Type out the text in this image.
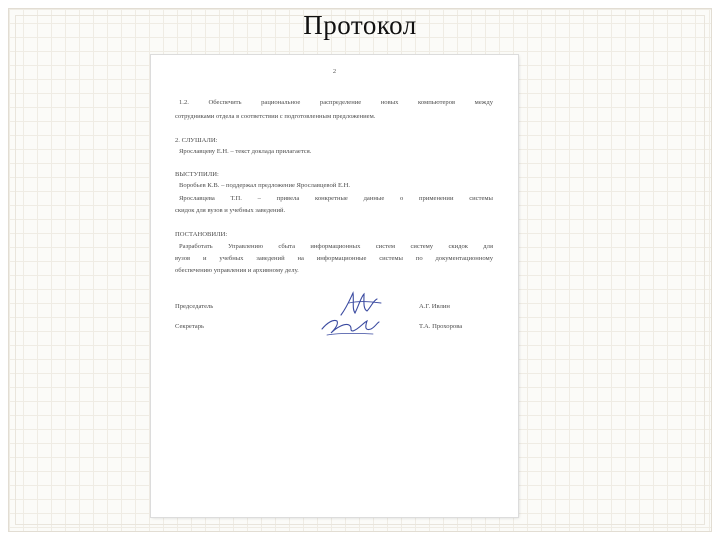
Протокол
2
1.2. Обеспечить рациональное распределение новых компьютеров между
сотрудниками отдела в соответствии с подготовленным предложением.
2. СЛУШАЛИ:
Ярославцеву Е.Н. – текст доклада прилагается.
ВЫСТУПИЛИ:
Воробьев К.В. – поддержал предложение Ярославцевой Е.Н.
Ярославцева Т.П. – привела конкретные данные о применении системы
скидок для вузов и учебных заведений.
ПОСТАНОВИЛИ:
Разработать Управлению сбыта информационных систем систему скидок для
вузов и учебных заведений на информационные системы по документационному
обеспечению управления и архивному делу.
Председатель	А.Г. Ивлин
Секретарь	Т.А. Прохорова
